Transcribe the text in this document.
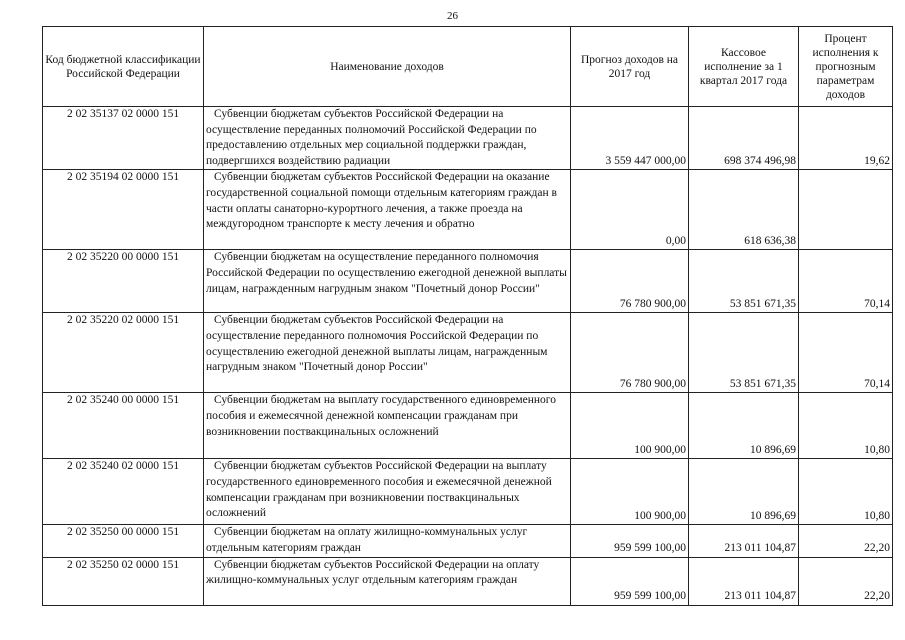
26
Код бюджетной классификации Российской Федерации	Наименование доходов	Прогноз доходов на 2017 год	Кассовое исполнение за 1 квартал 2017 года	Процент исполнения к прогнозным параметрам доходов
2 02 35137 02 0000 151	Субвенции бюджетам субъектов Российской Федерации на осуществление переданных полномочий Российской Федерации по предоставлению отдельных мер социальной поддержки граждан, подвергшихся воздействию радиации	3 559 447 000,00	698 374 496,98	19,62
2 02 35194 02 0000 151	Субвенции бюджетам субъектов Российской Федерации на оказание государственной социальной помощи отдельным категориям граждан в части оплаты санаторно-курортного лечения, а также проезда на междугородном транспорте к месту лечения и обратно	0,00	618 636,38	
2 02 35220 00 0000 151	Субвенции бюджетам на осуществление переданного полномочия Российской Федерации по осуществлению ежегодной денежной выплаты лицам, награжденным нагрудным знаком "Почетный донор России"	76 780 900,00	53 851 671,35	70,14
2 02 35220 02 0000 151	Субвенции бюджетам субъектов Российской Федерации на осуществление переданного полномочия Российской Федерации по осуществлению ежегодной денежной выплаты лицам, награжденным нагрудным знаком "Почетный донор России"	76 780 900,00	53 851 671,35	70,14
2 02 35240 00 0000 151	Субвенции бюджетам на выплату государственного единовременного пособия и ежемесячной денежной компенсации гражданам при возникновении поствакцинальных осложнений	100 900,00	10 896,69	10,80
2 02 35240 02 0000 151	Субвенции бюджетам субъектов Российской Федерации на выплату государственного единовременного пособия и ежемесячной денежной компенсации гражданам при возникновении поствакцинальных осложнений	100 900,00	10 896,69	10,80
2 02 35250 00 0000 151	Субвенции бюджетам на оплату жилищно-коммунальных услуг отдельным категориям граждан	959 599 100,00	213 011 104,87	22,20
2 02 35250 02 0000 151	Субвенции бюджетам субъектов Российской Федерации на оплату жилищно-коммунальных услуг отдельным категориям граждан	959 599 100,00	213 011 104,87	22,20
